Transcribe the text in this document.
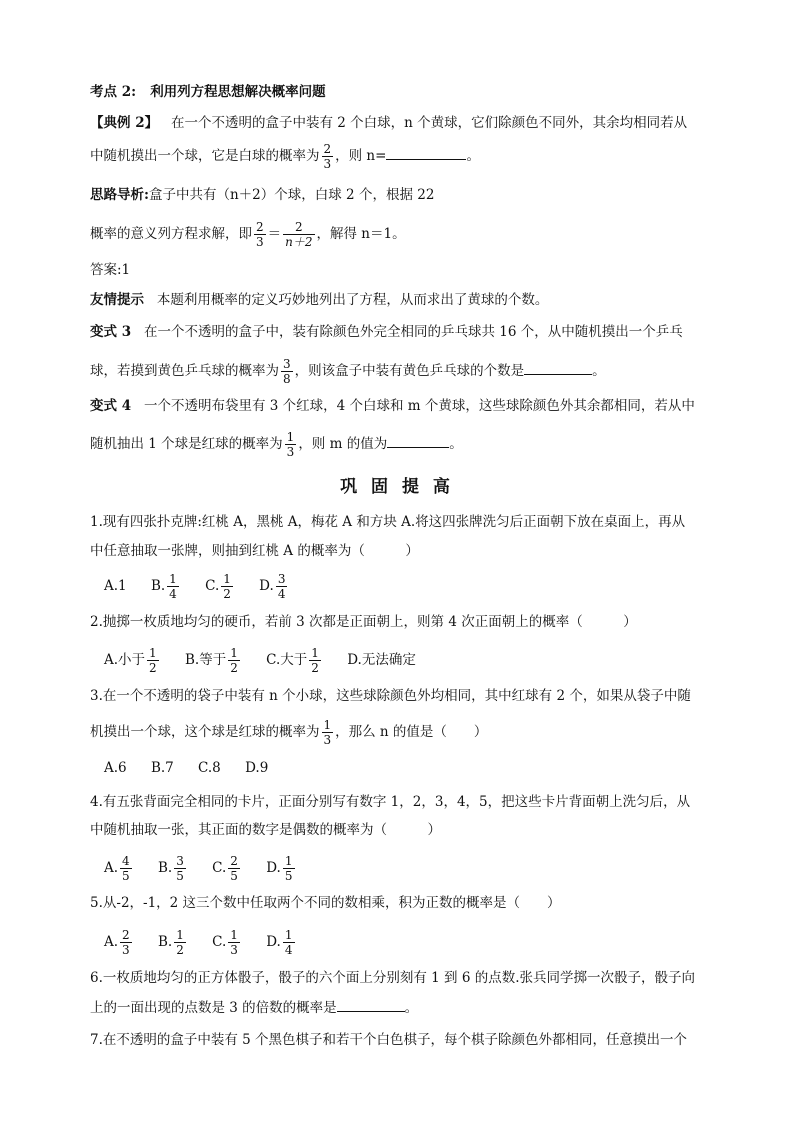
考点 2: 利用列方程思想解决概率问题
【典例 2】 在一个不透明的盒子中装有 2 个白球，n 个黄球，它们除颜色不同外，其余均相同若从
中随机摸出一个球，它是白球的概率为 $\frac{2}{3}$ ，则 n=	。
思路导析:盒子中共有（n＋2）个球，白球 2 个，根据 22
概率的意义列方程求解，即 $\frac{2}{3} = \frac{2}{n+2}$ ，解得 n＝1。
答案:1
友情提示 本题利用概率的定义巧妙地列出了方程，从而求出了黄球的个数。
变式 3 在一个不透明的盒子中，装有除颜色外完全相同的乒乓球共 16 个，从中随机摸出一个乒乓
球，若摸到黄色乒乓球的概率为 $\frac{3}{8}$ ，则该盒子中装有黄色乒乓球的个数是	。
变式 4 一个不透明布袋里有 3 个红球，4 个白球和 m 个黄球，这些球除颜色外其余都相同，若从中
随机抽出 1 个球是红球的概率为 $\frac{1}{3}$ ，则 m 的值为	。
巩 固 提 高
1.现有四张扑克牌:红桃 A，黑桃 A，梅花 A 和方块 A.将这四张牌洗匀后正面朝下放在桌面上，再从
中任意抽取一张牌，则抽到红桃 A 的概率为（　　　）
A.1 B. $\frac{1}{4} C$. $\frac{1}{2} D$. $\frac{3}{4}$
2.抛掷一枚质地均匀的硬币，若前 3 次都是正面朝上，则第 4 次正面朝上的概率（　　　）
A.小于 $\frac{1}{2} B$.等于 $\frac{1}{2} C$.大于 $\frac{1}{2} D$.无法确定
3.在一个不透明的袋子中装有 n 个小球，这些球除颜色外均相同，其中红球有 2 个，如果从袋子中随
机摸出一个球，这个球是红球的概率为 $\frac{1}{3}$ ，那么 n 的值是（　　）
A.6 B.7 C.8 D.9
4.有五张背面完全相同的卡片，正面分别写有数字 1，2，3，4，5，把这些卡片背面朝上洗匀后，从
中随机抽取一张，其正面的数字是偶数的概率为（　　　）
A. $\frac{4}{5} B$. $\frac{3}{5} C$. $\frac{2}{5} D$. $\frac{1}{5}$
5.从-2，-1，2 这三个数中任取两个不同的数相乘，积为正数的概率是（　　）
A. $\frac{2}{3} B$. $\frac{1}{2} C$. $\frac{1}{3} D$. $\frac{1}{4}$
6.一枚质地均匀的正方体骰子，骰子的六个面上分别刻有 1 到 6 的点数.张兵同学掷一次骰子，骰子向
上的一面出现的点数是 3 的倍数的概率是	。
7.在不透明的盒子中装有 5 个黑色棋子和若干个白色棋子，每个棋子除颜色外都相同，任意摸出一个
